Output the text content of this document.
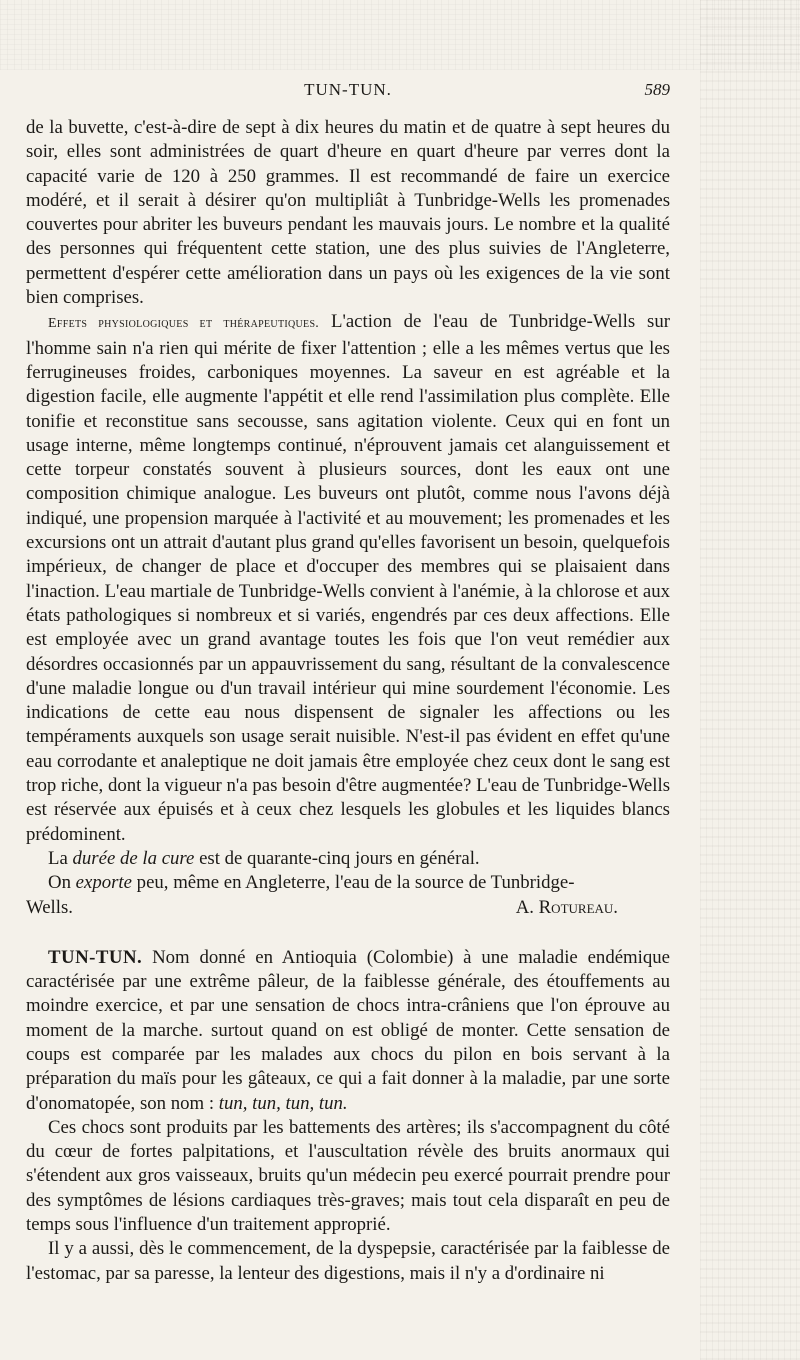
TUN-TUN.	589

de la buvette, c'est-à-dire de sept à dix heures du matin et de quatre à sept heures du soir, elles sont administrées de quart d'heure en quart d'heure par verres dont la capacité varie de 120 à 250 grammes. Il est recommandé de faire un exercice modéré, et il serait à désirer qu'on multipliât à Tunbridge-Wells les promenades couvertes pour abriter les buveurs pendant les mauvais jours. Le nombre et la qualité des personnes qui fréquentent cette station, une des plus suivies de l'Angleterre, permettent d'espérer cette amélioration dans un pays où les exigences de la vie sont bien comprises.

Effets physiologiques et thérapeutiques. L'action de l'eau de Tunbridge-Wells sur l'homme sain n'a rien qui mérite de fixer l'attention ; elle a les mêmes vertus que les ferrugineuses froides, carboniques moyennes. La saveur en est agréable et la digestion facile, elle augmente l'appétit et elle rend l'assimilation plus complète. Elle tonifie et reconstitue sans secousse, sans agitation violente. Ceux qui en font un usage interne, même longtemps continué, n'éprouvent jamais cet alanguissement et cette torpeur constatés souvent à plusieurs sources, dont les eaux ont une composition chimique analogue. Les buveurs ont plutôt, comme nous l'avons déjà indiqué, une propension marquée à l'activité et au mouvement; les promenades et les excursions ont un attrait d'autant plus grand qu'elles favorisent un besoin, quelquefois impérieux, de changer de place et d'occuper des membres qui se plaisaient dans l'inaction. L'eau martiale de Tunbridge-Wells convient à l'anémie, à la chlorose et aux états pathologiques si nombreux et si variés, engendrés par ces deux affections. Elle est employée avec un grand avantage toutes les fois que l'on veut remédier aux désordres occasionnés par un appauvrissement du sang, résultant de la convalescence d'une maladie longue ou d'un travail intérieur qui mine sourdement l'économie. Les indications de cette eau nous dispensent de signaler les affections ou les tempéraments auxquels son usage serait nuisible. N'est-il pas évident en effet qu'une eau corrodante et analeptique ne doit jamais être employée chez ceux dont le sang est trop riche, dont la vigueur n'a pas besoin d'être augmentée? L'eau de Tunbridge-Wells est réservée aux épuisés et à ceux chez lesquels les globules et les liquides blancs prédominent.

La durée de la cure est de quarante-cinq jours en général.

On exporte peu, même en Angleterre, l'eau de la source de Tunbridge-

Wells.	A. Rotureau.

TUN-TUN. Nom donné en Antioquia (Colombie) à une maladie endémique caractérisée par une extrême pâleur, de la faiblesse générale, des étouffements au moindre exercice, et par une sensation de chocs intra-crâniens que l'on éprouve au moment de la marche. surtout quand on est obligé de monter. Cette sensation de coups est comparée par les malades aux chocs du pilon en bois servant à la préparation du maïs pour les gâteaux, ce qui a fait donner à la maladie, par une sorte d'onomatopée, son nom : tun, tun, tun, tun.

Ces chocs sont produits par les battements des artères; ils s'accompagnent du côté du cœur de fortes palpitations, et l'auscultation révèle des bruits anormaux qui s'étendent aux gros vaisseaux, bruits qu'un médecin peu exercé pourrait prendre pour des symptômes de lésions cardiaques très-graves; mais tout cela disparaît en peu de temps sous l'influence d'un traitement approprié.

Il y a aussi, dès le commencement, de la dyspepsie, caractérisée par la faiblesse de l'estomac, par sa paresse, la lenteur des digestions, mais il n'y a d'ordinaire ni
